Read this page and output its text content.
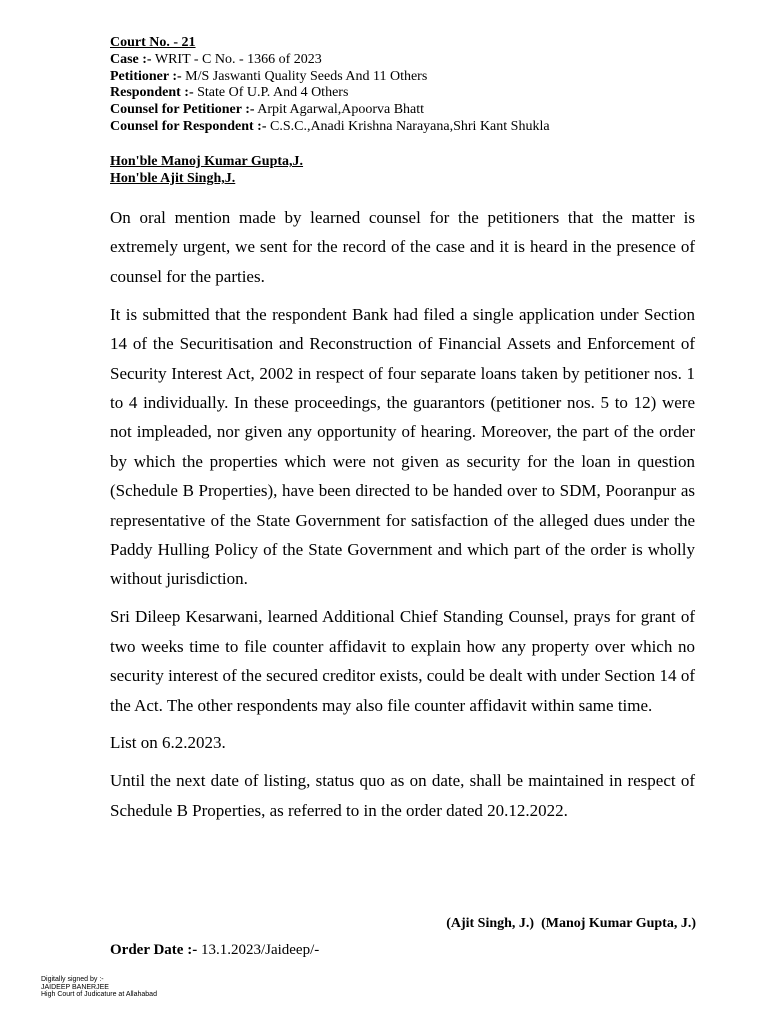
Court No. - 21
Case :- WRIT - C No. - 1366 of 2023
Petitioner :- M/S Jaswanti Quality Seeds And 11 Others
Respondent :- State Of U.P. And 4 Others
Counsel for Petitioner :- Arpit Agarwal,Apoorva Bhatt
Counsel for Respondent :- C.S.C.,Anadi Krishna Narayana,Shri Kant Shukla
Hon'ble Manoj Kumar Gupta,J.
Hon'ble Ajit Singh,J.

On oral mention made by learned counsel for the petitioners that the matter is extremely urgent, we sent for the record of the case and it is heard in the presence of counsel for the parties.

It is submitted that the respondent Bank had filed a single application under Section 14 of the Securitisation and Reconstruction of Financial Assets and Enforcement of Security Interest Act, 2002 in respect of four separate loans taken by petitioner nos. 1 to 4 individually. In these proceedings, the guarantors (petitioner nos. 5 to 12) were not impleaded, nor given any opportunity of hearing. Moreover, the part of the order by which the properties which were not given as security for the loan in question (Schedule B Properties), have been directed to be handed over to SDM, Pooranpur as representative of the State Government for satisfaction of the alleged dues under the Paddy Hulling Policy of the State Government and which part of the order is wholly without jurisdiction.

Sri Dileep Kesarwani, learned Additional Chief Standing Counsel, prays for grant of two weeks time to file counter affidavit to explain how any property over which no security interest of the secured creditor exists, could be dealt with under Section 14 of the Act. The other respondents may also file counter affidavit within same time.

List on 6.2.2023.

Until the next date of listing, status quo as on date, shall be maintained in respect of Schedule B Properties, as referred to in the order dated 20.12.2022.

(Ajit Singh, J.)  (Manoj Kumar Gupta, J.)
Order Date :- 13.1.2023/Jaideep/-
Digitally signed by :-
JAIDEEP BANERJEE
High Court of Judicature at Allahabad
